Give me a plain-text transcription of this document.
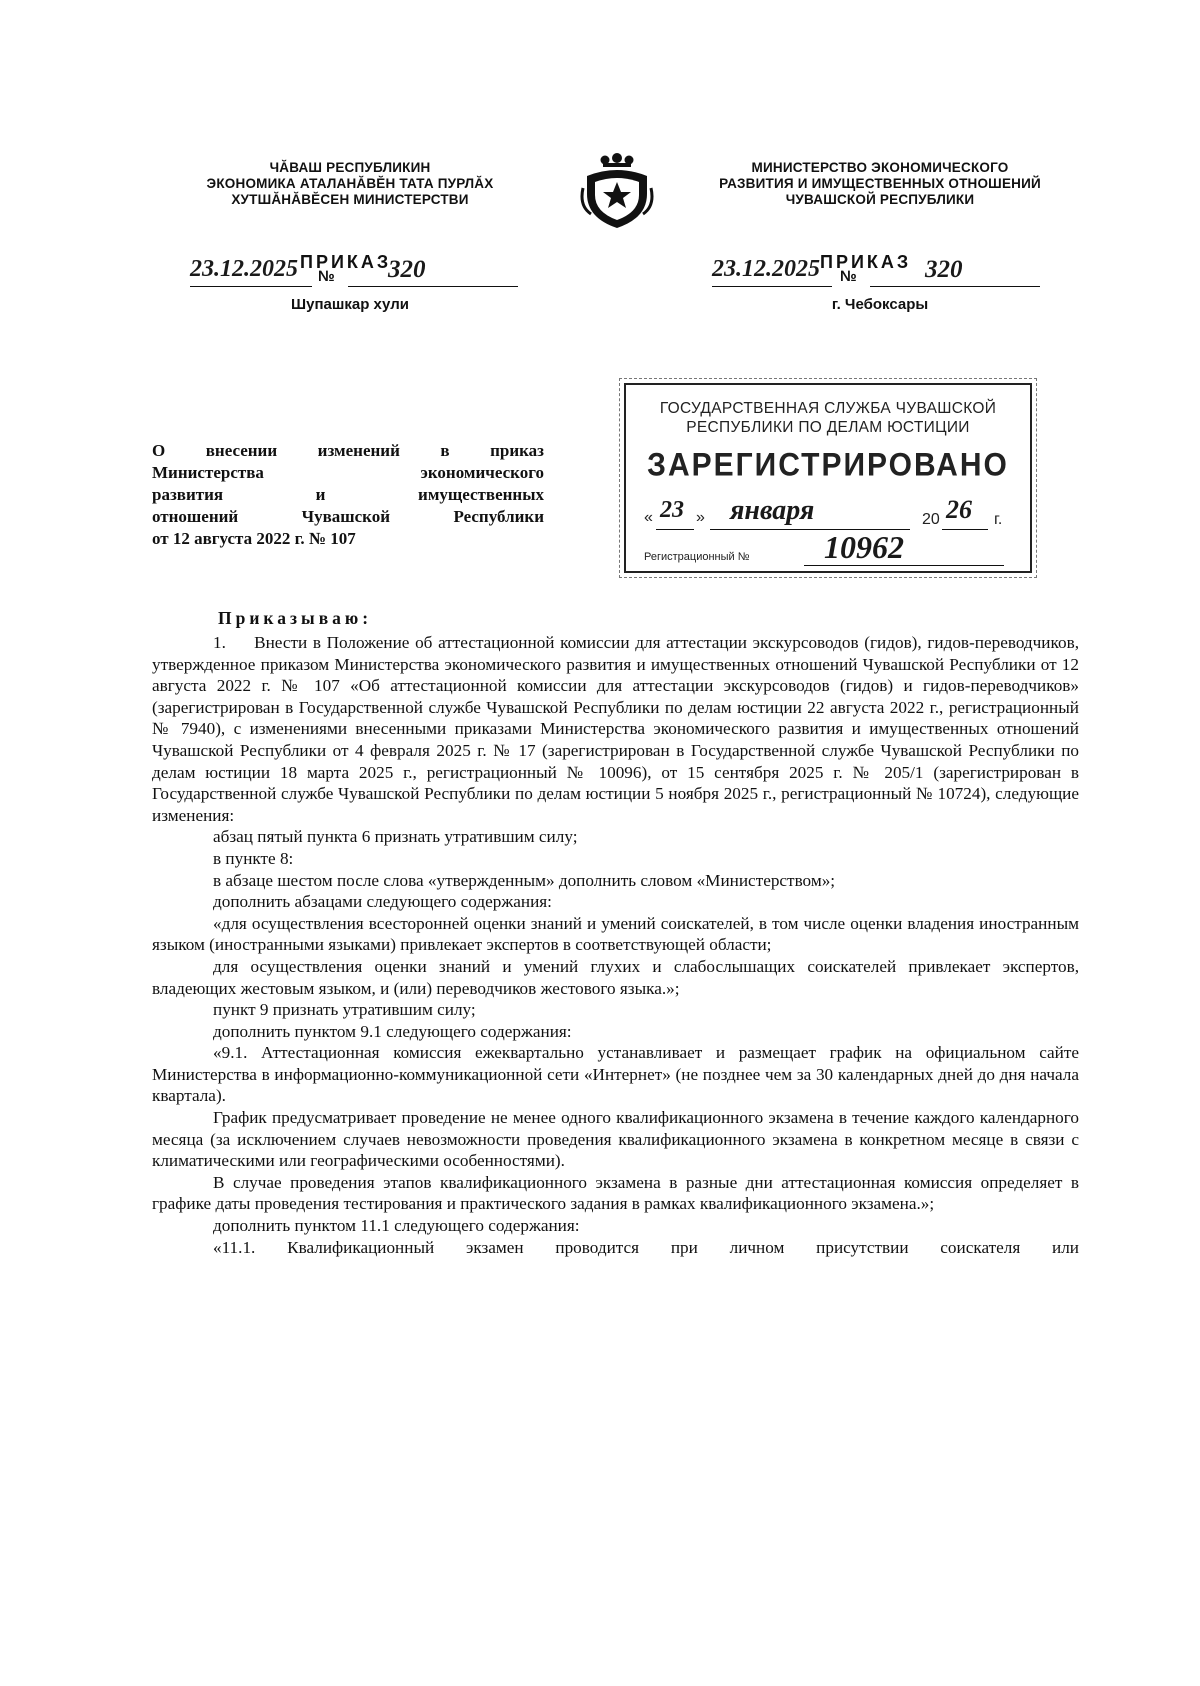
ЧĂВАШ РЕСПУБЛИКИН
ЭКОНОМИКА АТАЛАНĂВĔН ТАТА ПУРЛĂХ
ХУТШĂНĂВĔСЕН МИНИСТЕРСТВИ
МИНИСТЕРСТВО ЭКОНОМИЧЕСКОГО
РАЗВИТИЯ И ИМУЩЕСТВЕННЫХ ОТНОШЕНИЙ
ЧУВАШСКОЙ РЕСПУБЛИКИ
ПРИКАЗ
23.12.2025 № 320
Шупашкар хули
ПРИКАЗ
23.12.2025 №	320
г. Чебоксары
ГОСУДАРСТВЕННАЯ СЛУЖБА ЧУВАШСКОЙ
РЕСПУБЛИКИ ПО ДЕЛАМ ЮСТИЦИИ
ЗАРЕГИСТРИРОВАНО
« 23 » января	20 26 г.
Регистрационный № 10962
О внесении изменений в приказ
Министерства экономического
развития и имущественных
отношений Чувашской Республики
от 12 августа 2022 г. № 107
Приказываю:

1.     Внести в Положение об аттестационной комиссии для аттестации экскурсоводов (гидов), гидов-переводчиков, утвержденное приказом Министерства экономического развития и имущественных отношений Чувашской Республики от 12 августа 2022 г. № 107 «Об аттестационной комиссии для аттестации экскурсоводов (гидов) и гидов-переводчиков» (зарегистрирован в Государственной службе Чувашской Республики по делам юстиции 22 августа 2022 г., регистрационный № 7940), с изменениями внесенными приказами Министерства экономического развития и имущественных отношений Чувашской Республики от 4 февраля 2025 г. № 17 (зарегистрирован в Государственной службе Чувашской Республики по делам юстиции 18 марта 2025 г., регистрационный № 10096), от 15 сентября 2025 г. № 205/1 (зарегистрирован в Государственной службе Чувашской Республики по делам юстиции 5 ноября 2025 г., регистрационный № 10724), следующие изменения:

абзац пятый пункта 6 признать утратившим силу;

в пункте 8:

в абзаце шестом после слова «утвержденным» дополнить словом «Министерством»;

дополнить абзацами следующего содержания:

«для осуществления всесторонней оценки знаний и умений соискателей, в том числе оценки владения иностранным языком (иностранными языками) привлекает экспертов в соответствующей области;

для осуществления оценки знаний и умений глухих и слабослышащих соискателей привлекает экспертов, владеющих жестовым языком, и (или) переводчиков жестового языка.»;

пункт 9 признать утратившим силу;

дополнить пунктом 9.1 следующего содержания:

«9.1. Аттестационная комиссия ежеквартально устанавливает и размещает график на официальном сайте Министерства в информационно-коммуникационной сети «Интернет» (не позднее чем за 30 календарных дней до дня начала квартала).

График предусматривает проведение не менее одного квалификационного экзамена в течение каждого календарного месяца (за исключением случаев невозможности проведения квалификационного экзамена в конкретном месяце в связи с климатическими или географическими особенностями).

В случае проведения этапов квалификационного экзамена в разные дни аттестационная комиссия определяет в графике даты проведения тестирования и практического задания в рамках квалификационного экзамена.»;

дополнить пунктом 11.1 следующего содержания:

«11.1. Квалификационный экзамен проводится при личном присутствии соискателя или
